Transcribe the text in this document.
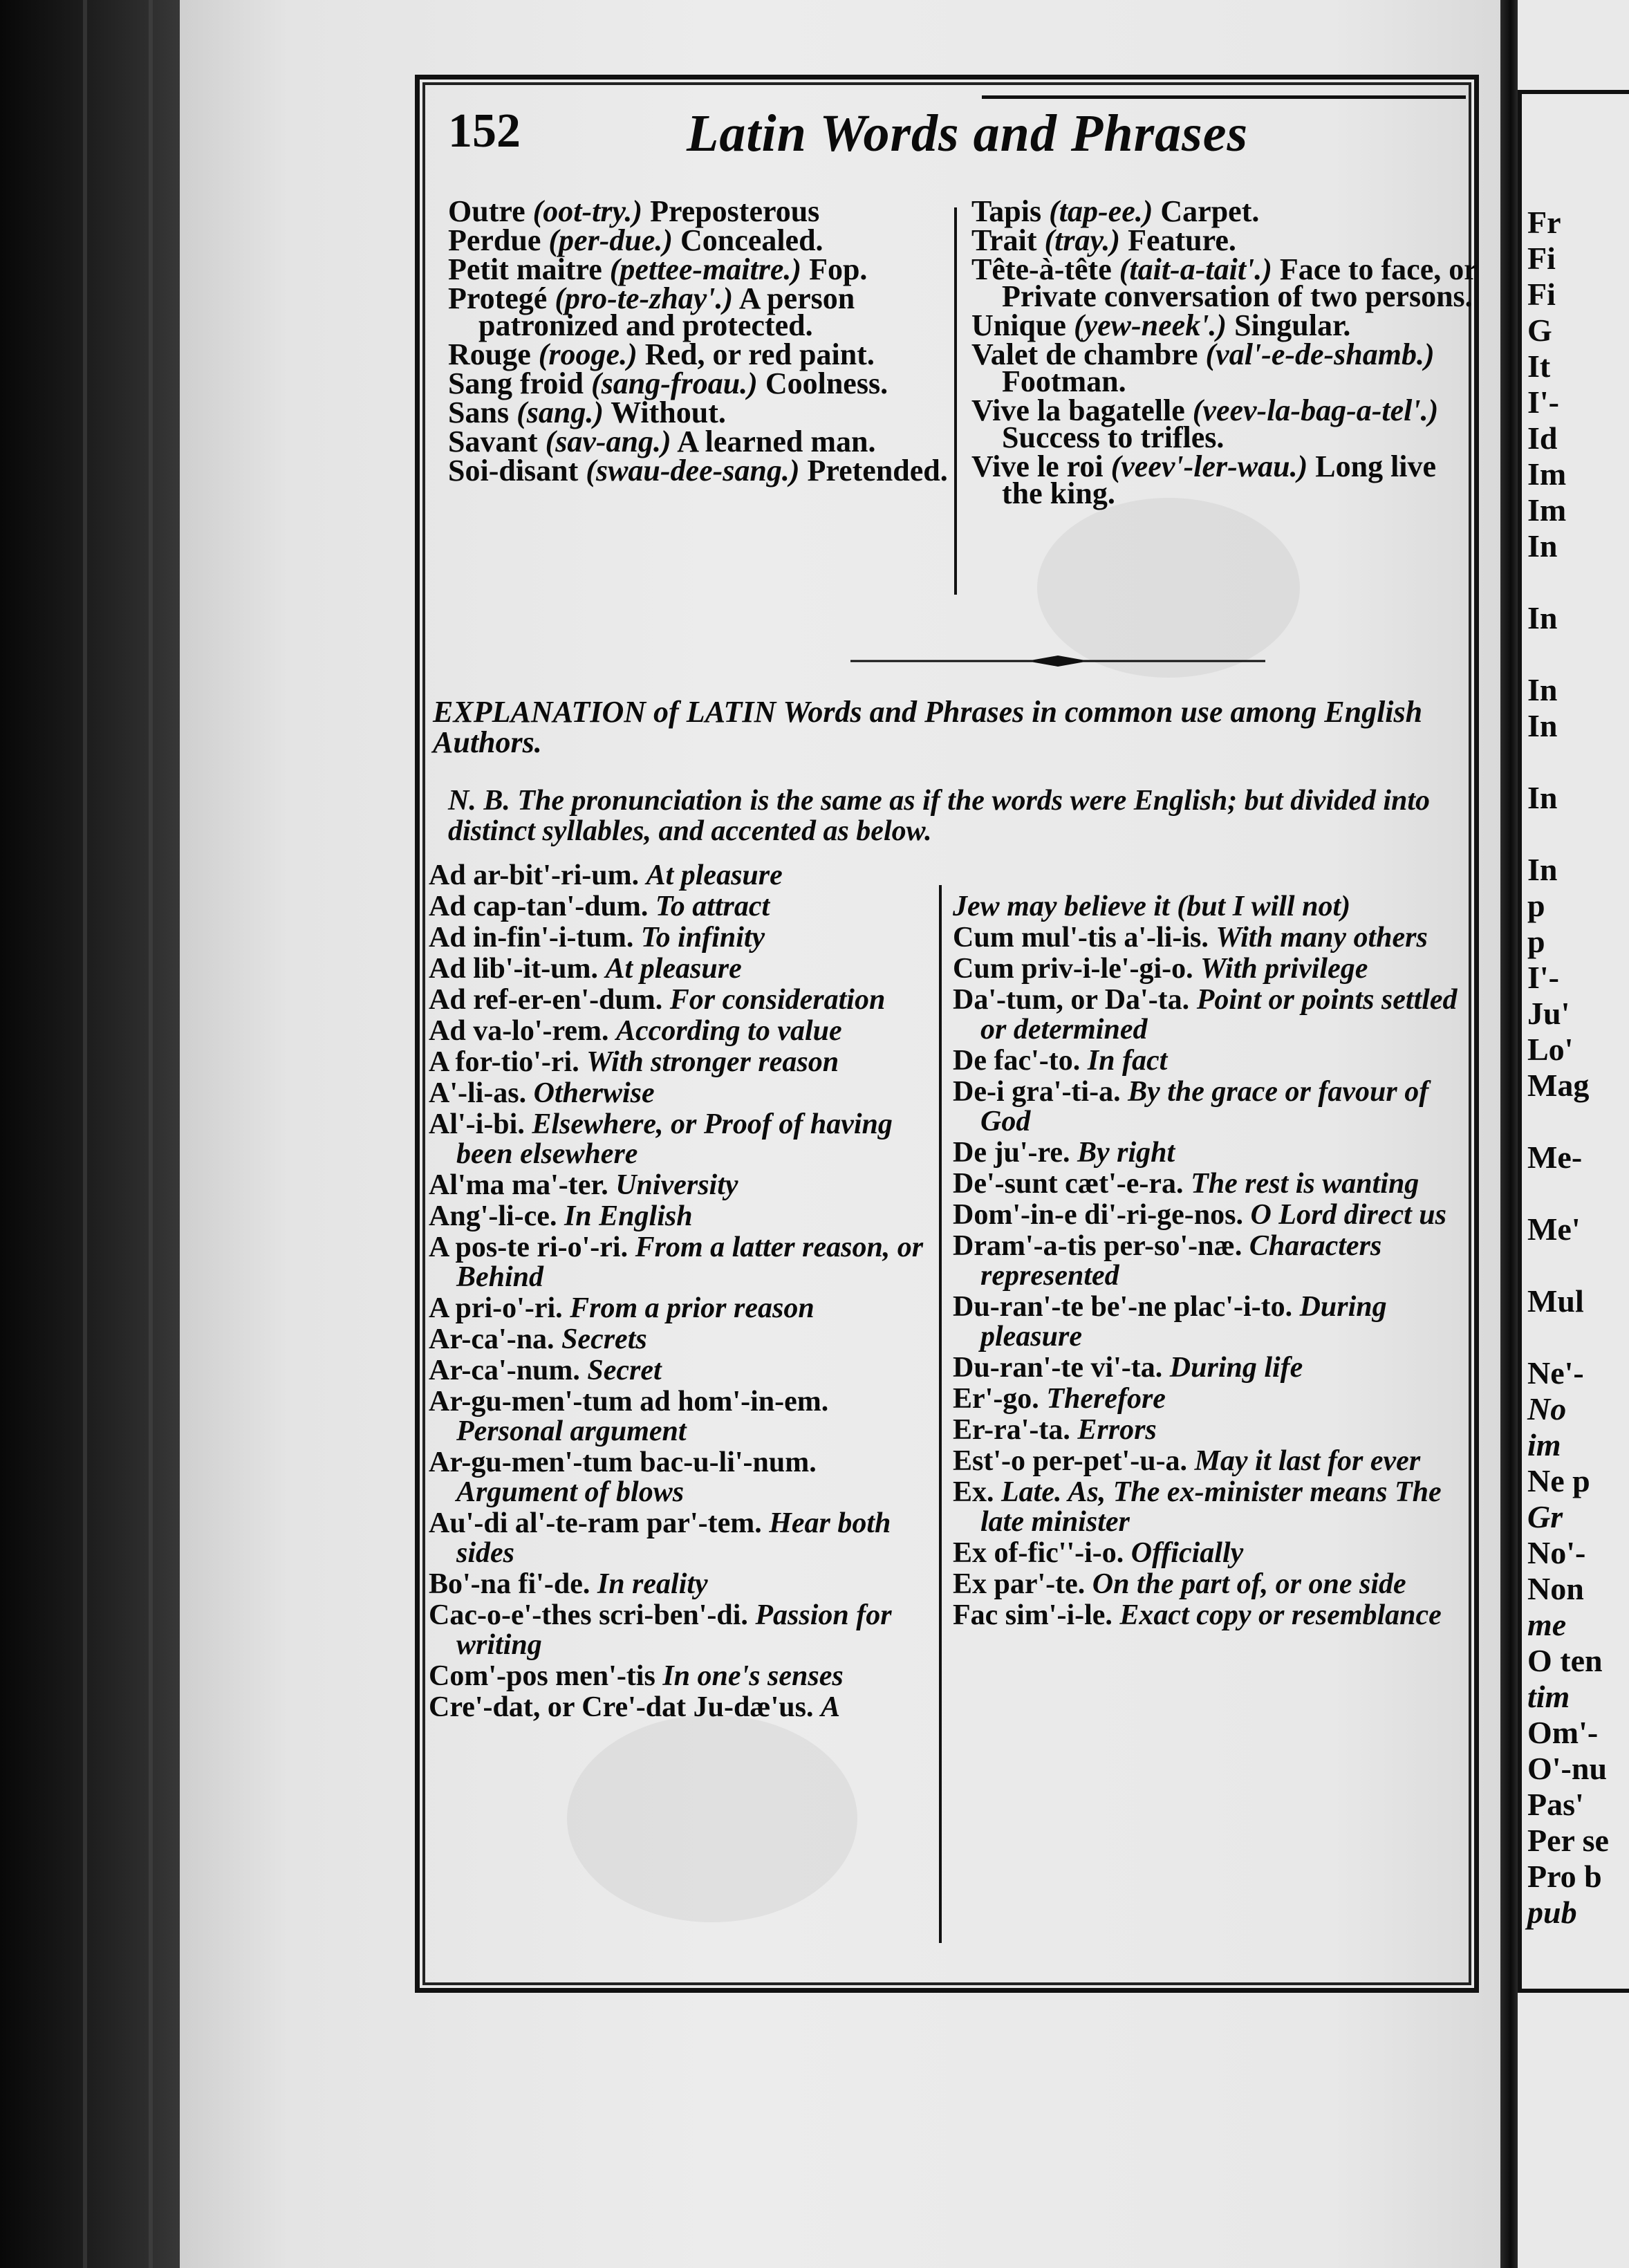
Fr
Fi
Fi
G
It
I'-
Id
Im
Im
In
In
In
In
In
In
p
p
I'-
Ju'
Lo'
Mag
Me-
Me'
Mul
Ne'-
No
im
Ne p
Gr
No'-
Non
me
O ten
tim
Om'-
O'-nu
Pas'
Per se
Pro b
pub
152	Latin Words and Phrases
Outre (oot-try.) Preposterous
Perdue (per-due.) Concealed.
Petit maitre (pettee-maitre.) Fop.
Protegé (pro-te-zhay'.) A person patronized and protected.
Rouge (rooge.) Red, or red paint.
Sang froid (sang-froau.) Coolness.
Sans (sang.) Without.
Savant (sav-ang.) A learned man.
Soi-disant (swau-dee-sang.) Pretended.
Tapis (tap-ee.) Carpet.
Trait (tray.) Feature.
Tête-à-tête (tait-a-tait'.) Face to face, or Private conversation of two persons.
Unique (yew-neek'.) Singular.
Valet de chambre (val'-e-de-shamb.) Footman.
Vive la bagatelle (veev-la-bag-a-tel'.) Success to trifles.
Vive le roi (veev'-ler-wau.) Long live the king.
EXPLANATION of LATIN Words and Phrases in common use among English Authors.
N. B. The pronunciation is the same as if the words were English; but divided into distinct syllables, and accented as below.
Ad ar-bit'-ri-um. At pleasure
Ad cap-tan'-dum. To attract
Ad in-fin'-i-tum. To infinity
Ad lib'-it-um. At pleasure
Ad ref-er-en'-dum. For consideration
Ad va-lo'-rem. According to value
A for-tio'-ri. With stronger reason
A'-li-as. Otherwise
Al'-i-bi. Elsewhere, or Proof of having been elsewhere
Al'ma ma'-ter. University
Ang'-li-ce. In English
A pos-te ri-o'-ri. From a latter reason, or Behind
A pri-o'-ri. From a prior reason
Ar-ca'-na. Secrets
Ar-ca'-num. Secret
Ar-gu-men'-tum ad hom'-in-em. Personal argument
Ar-gu-men'-tum bac-u-li'-num. Argument of blows
Au'-di al'-te-ram par'-tem. Hear both sides
Bo'-na fi'-de. In reality
Cac-o-e'-thes scri-ben'-di. Passion for writing
Com'-pos men'-tis In one's senses
Cre'-dat, or Cre'-dat Ju-dæ'us. A
Jew may believe it (but I will not)
Cum mul'-tis a'-li-is. With many others
Cum priv-i-le'-gi-o. With privilege
Da'-tum, or Da'-ta. Point or points settled or determined
De fac'-to. In fact
De-i gra'-ti-a. By the grace or favour of God
De ju'-re. By right
De'-sunt cæt'-e-ra. The rest is wanting
Dom'-in-e di'-ri-ge-nos. O Lord direct us
Dram'-a-tis per-so'-næ. Characters represented
Du-ran'-te be'-ne plac'-i-to. During pleasure
Du-ran'-te vi'-ta. During life
Er'-go. Therefore
Er-ra'-ta. Errors
Est'-o per-pet'-u-a. May it last for ever
Ex. Late. As, The ex-minister means The late minister
Ex of-fic''-i-o. Officially
Ex par'-te. On the part of, or one side
Fac sim'-i-le. Exact copy or resemblance
